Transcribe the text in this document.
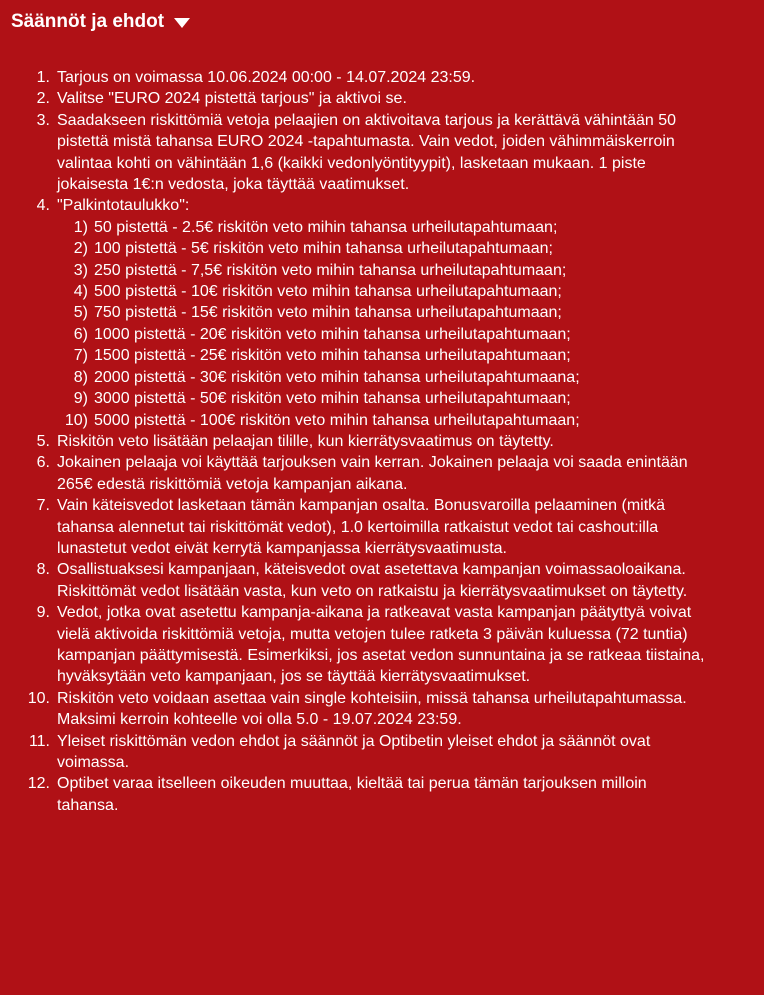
Säännöt ja ehdot
1. Tarjous on voimassa 10.06.2024 00:00 - 14.07.2024 23:59.
2. Valitse "EURO 2024 pistettä tarjous" ja aktivoi se.
3. Saadakseen riskittömiä vetoja pelaajien on aktivoitava tarjous ja kerättävä vähintään 50 pistettä mistä tahansa EURO 2024 -tapahtumasta. Vain vedot, joiden vähimmäiskerroin valintaa kohti on vähintään 1,6 (kaikki vedonlyöntityypit), lasketaan mukaan. 1 piste jokaisesta 1€:n vedosta, joka täyttää vaatimukset.
4. "Palkintotaulukko":
1) 50 pistettä - 2.5€ riskitön veto mihin tahansa urheilutapahtumaan;
2) 100 pistettä - 5€ riskitön veto mihin tahansa urheilutapahtumaan;
3) 250 pistettä - 7,5€ riskitön veto mihin tahansa urheilutapahtumaan;
4) 500 pistettä - 10€ riskitön veto mihin tahansa urheilutapahtumaan;
5) 750 pistettä - 15€ riskitön veto mihin tahansa urheilutapahtumaan;
6) 1000 pistettä - 20€ riskitön veto mihin tahansa urheilutapahtumaan;
7) 1500 pistettä - 25€ riskitön veto mihin tahansa urheilutapahtumaan;
8) 2000 pistettä - 30€ riskitön veto mihin tahansa urheilutapahtumaana;
9) 3000 pistettä - 50€ riskitön veto mihin tahansa urheilutapahtumaan;
10) 5000 pistettä - 100€ riskitön veto mihin tahansa urheilutapahtumaan;
5. Riskitön veto lisätään pelaajan tilille, kun kierrätysvaatimus on täytetty.
6. Jokainen pelaaja voi käyttää tarjouksen vain kerran. Jokainen pelaaja voi saada enintään 265€ edestä riskittömiä vetoja kampanjan aikana.
7. Vain käteisvedot lasketaan tämän kampanjan osalta. Bonusvaroilla pelaaminen (mitkä tahansa alennetut tai riskittömät vedot), 1.0 kertoimilla ratkaistut vedot tai cashout:illa lunastetut vedot eivät kerrytä kampanjassa kierrätysvaatimusta.
8. Osallistuaksesi kampanjaan, käteisvedot ovat asetettava kampanjan voimassaoloaikana. Riskittömät vedot lisätään vasta, kun veto on ratkaistu ja kierrätysvaatimukset on täytetty.
9. Vedot, jotka ovat asetettu kampanja-aikana ja ratkeavat vasta kampanjan päätyttyä voivat vielä aktivoida riskittömiä vetoja, mutta vetojen tulee ratketa 3 päivän kuluessa (72 tuntia) kampanjan päättymisestä. Esimerkiksi, jos asetat vedon sunnuntaina ja se ratkeaa tiistaina, hyväksytään veto kampanjaan, jos se täyttää kierrätysvaatimukset.
10. Riskitön veto voidaan asettaa vain single kohteisiin, missä tahansa urheilutapahtumassa. Maksimi kerroin kohteelle voi olla 5.0 - 19.07.2024 23:59.
11. Yleiset riskittömän vedon ehdot ja säännöt ja Optibetin yleiset ehdot ja säännöt ovat voimassa.
12. Optibet varaa itselleen oikeuden muuttaa, kieltää tai perua tämän tarjouksen milloin tahansa.
